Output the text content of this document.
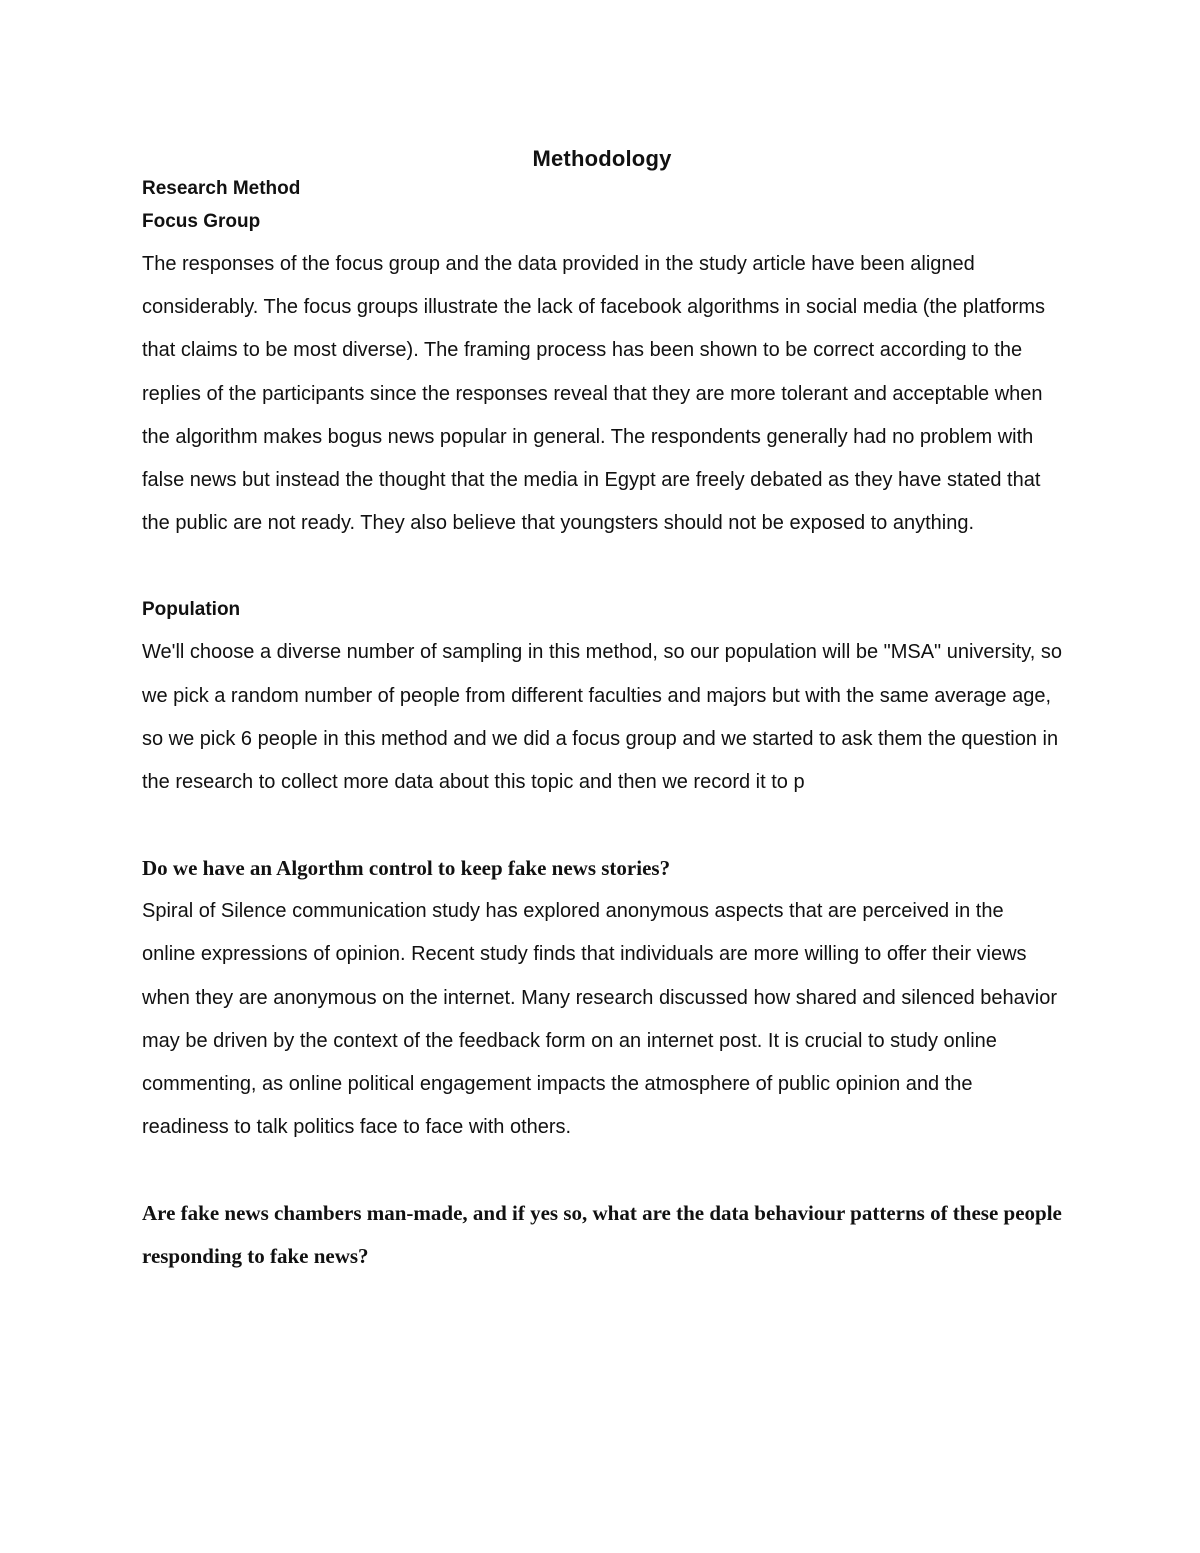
Methodology
Research Method
Focus Group

The responses of the focus group and the data provided in the study article have been aligned considerably. The focus groups illustrate the lack of facebook algorithms in social media (the platforms that claims to be most diverse). The framing process has been shown to be correct according to the replies of the participants since the responses reveal that they are more tolerant and acceptable when the algorithm makes bogus news popular in general. The respondents generally had no problem with false news but instead the thought that the media in Egypt are freely debated as they have stated that the public are not ready. They also believe that youngsters should not be exposed to anything.

Population

We'll choose a diverse number of sampling in this method, so our population will be "MSA" university, so we pick a random number of people from different faculties and majors but with the same average age, so we pick 6 people in this method and we did a focus group and we started to ask them the question in the research to collect more data about this topic and then we record it to p

Do we have an Algorthm control to keep fake news stories?

Spiral of Silence communication study has explored anonymous aspects that are perceived in the online expressions of opinion. Recent study finds that individuals are more willing to offer their views when they are anonymous on the internet. Many research discussed how shared and silenced behavior may be driven by the context of the feedback form on an internet post. It is crucial to study online commenting, as online political engagement impacts the atmosphere of public opinion and the readiness to talk politics face to face with others.

Are fake news chambers man-made, and if yes so, what are the data behaviour patterns of these people responding to fake news?
